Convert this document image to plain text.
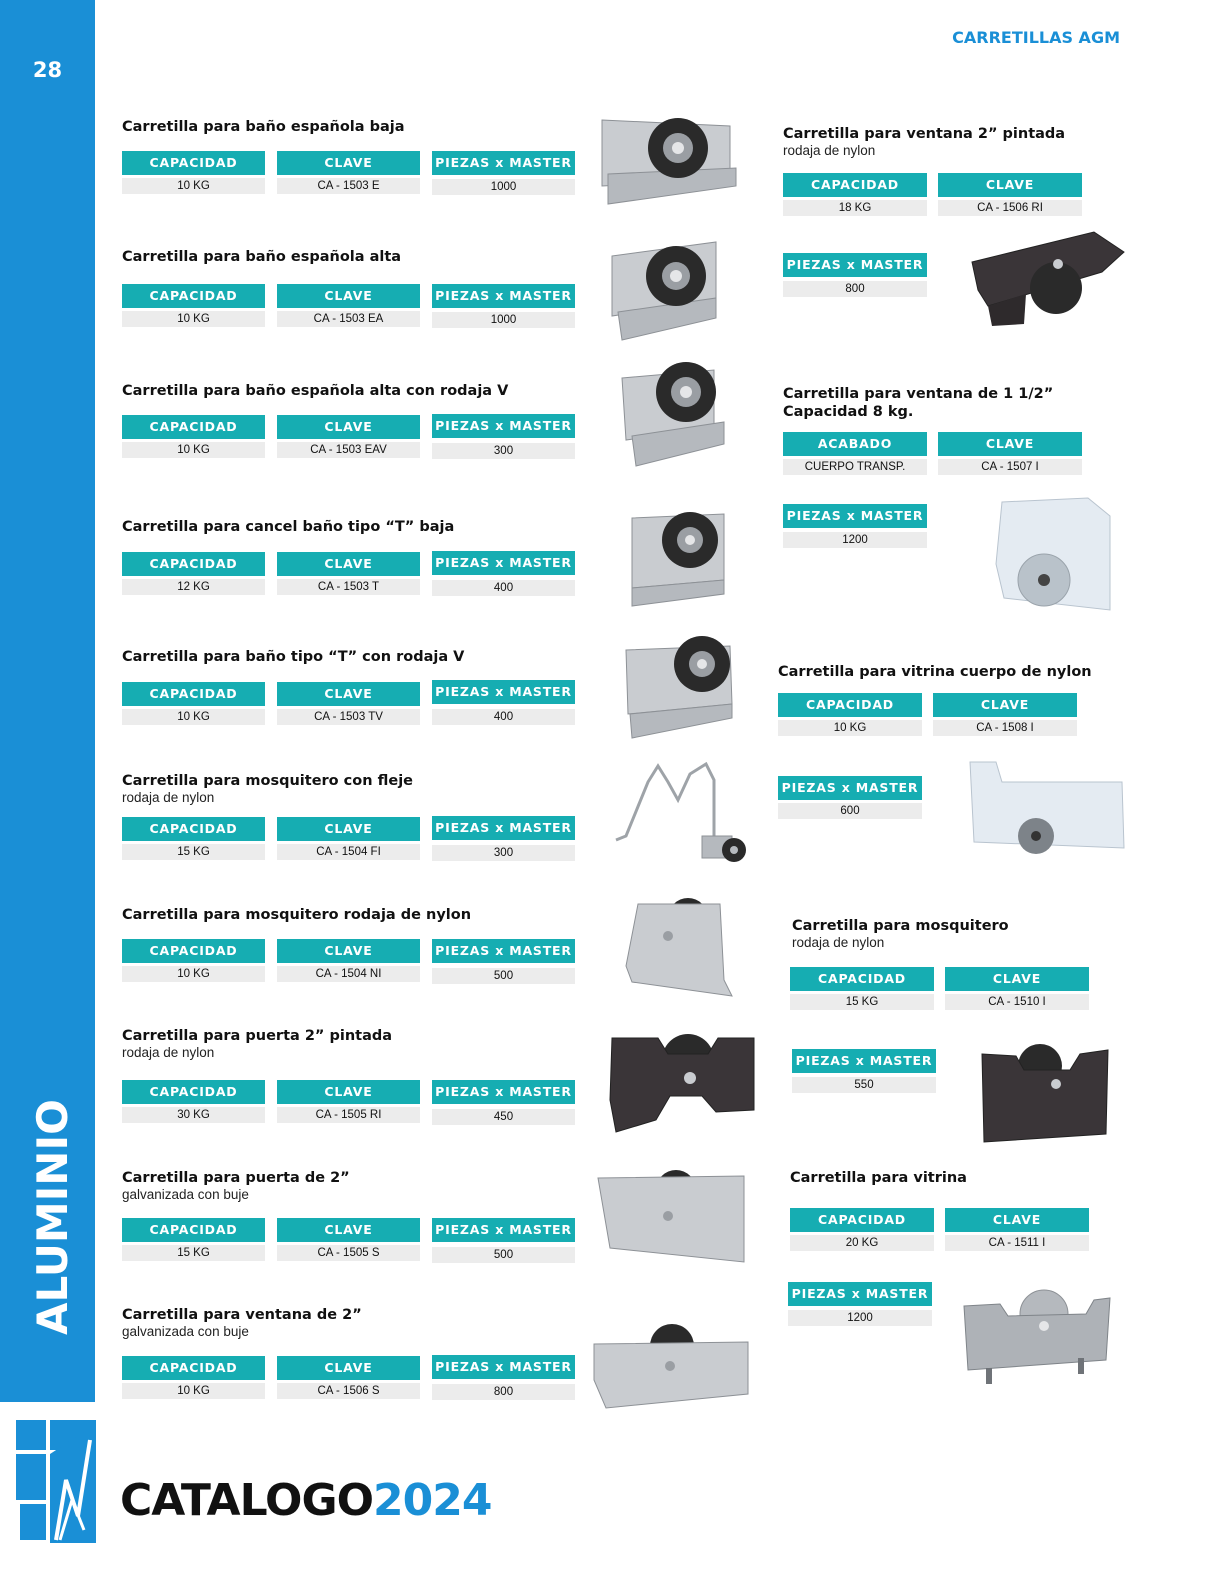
28
ALUMINIO
CARRETILLAS AGM
CATALOGO2024
Carretilla para baño española baja
CAPACIDAD	CLAVE	PIEZAS x MASTER
10 KG	CA - 1503 E	1000
Carretilla para baño española alta
CAPACIDAD	CLAVE	PIEZAS x MASTER
10 KG	CA - 1503 EA	1000
Carretilla para baño española alta con rodaja V
CAPACIDAD	CLAVE	PIEZAS x MASTER
10 KG	CA - 1503 EAV	300
Carretilla para cancel baño tipo “T” baja
CAPACIDAD	CLAVE	PIEZAS x MASTER
12 KG	CA - 1503 T	400
Carretilla para baño tipo “T” con rodaja V
CAPACIDAD	CLAVE	PIEZAS x MASTER
10 KG	CA - 1503 TV	400
Carretilla para mosquitero con fleje
rodaja de nylon
CAPACIDAD	CLAVE	PIEZAS x MASTER
15 KG	CA - 1504 FI	300
Carretilla para mosquitero rodaja de nylon
CAPACIDAD	CLAVE	PIEZAS x MASTER
10 KG	CA - 1504 NI	500
Carretilla para puerta 2” pintada
rodaja de nylon
CAPACIDAD	CLAVE	PIEZAS x MASTER
30 KG	CA - 1505 RI	450
Carretilla para puerta de 2”
galvanizada con buje
CAPACIDAD	CLAVE	PIEZAS x MASTER
15 KG	CA - 1505 S	500
Carretilla para ventana de 2”
galvanizada con buje
CAPACIDAD	CLAVE	PIEZAS x MASTER
10 KG	CA - 1506 S	800
Carretilla para ventana 2” pintada
rodaja de nylon
CAPACIDAD	CLAVE
18 KG	CA - 1506 RI
PIEZAS x MASTER
800
Carretilla para ventana de 1 1/2”
Capacidad 8 kg.
ACABADO	CLAVE
CUERPO TRANSP.	CA - 1507 I
PIEZAS x MASTER
1200
Carretilla para vitrina cuerpo de nylon
CAPACIDAD	CLAVE
10 KG	CA - 1508 I
PIEZAS x MASTER
600
Carretilla para mosquitero
rodaja de nylon
CAPACIDAD	CLAVE
15 KG	CA - 1510 I
PIEZAS x MASTER
550
Carretilla para vitrina
CAPACIDAD	CLAVE
20 KG	CA - 1511 I
PIEZAS x MASTER
1200
